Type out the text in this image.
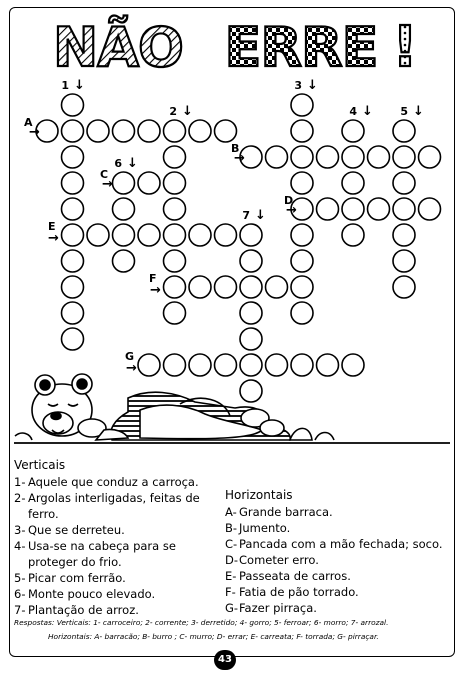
NÃO ERRE !
1 ↓
2 ↓
3 ↓
4 ↓ 5 ↓
6 ↓
7 ↓
A
→
B
→
C
→
D
→
E
→
F
→
G
→
Verticais
1- Aquele que conduz a carroça.
2- Argolas interligadas, feitas de ferro.
3- Que se derreteu.
4- Usa-se na cabeça para se proteger do frio.
5- Picar com ferrão.
6- Monte pouco elevado.
7- Plantação de arroz.
Horizontais
A- Grande barraca.
B- Jumento.
C- Pancada com a mão fechada; soco.
D- Cometer erro.
E- Passeata de carros.
F- Fatia de pão torrado.
G- Fazer pirraça.
Respostas: Verticais: 1- carroceiro; 2- corrente; 3- derretido; 4- gorro; 5- ferroar; 6- morro; 7- arrozal.
Horizontais: A- barracão; B- burro ; C- murro; D- errar; E- carreata; F- torrada; G- pirraçar.
43
